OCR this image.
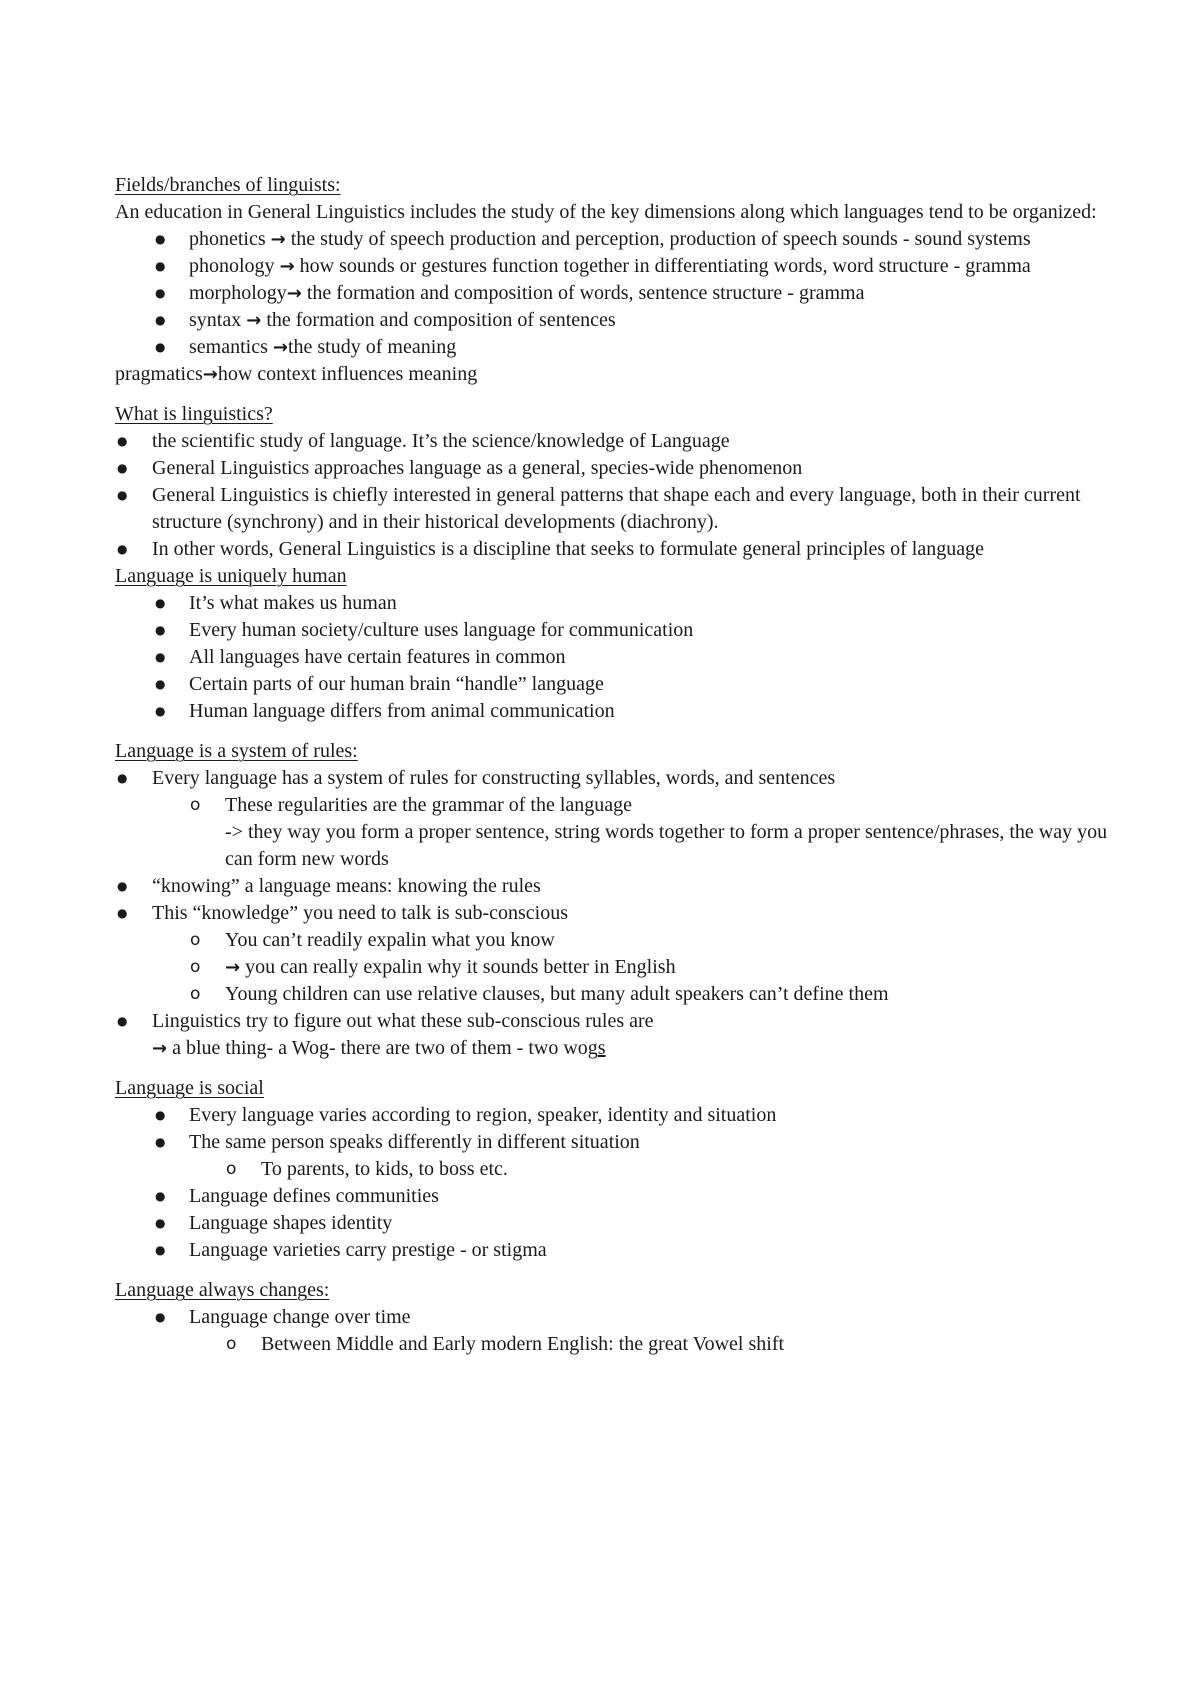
Fields/branches of linguists:

An education in General Linguistics includes the study of the key dimensions along which languages tend to be organized:

●	phonetics → the study of speech production and perception, production of speech sounds - sound systems
●	phonology → how sounds or gestures function together in differentiating words, word structure - gramma
●	morphology→ the formation and composition of words, sentence structure - gramma
●	syntax → the formation and composition of sentences
●	semantics →the study of meaning

pragmatics→how context influences meaning

What is linguistics?

●	the scientific study of language. It’s the science/knowledge of Language
●	General Linguistics approaches language as a general, species-wide phenomenon
●	General Linguistics is chiefly interested in general patterns that shape each and every language, both in their current structure (synchrony) and in their historical developments (diachrony).
●	In other words, General Linguistics is a discipline that seeks to formulate general principles of language

Language is uniquely human

●	It’s what makes us human
●	Every human society/culture uses language for communication
●	All languages have certain features in common
●	Certain parts of our human brain “handle” language
●	Human language differs from animal communication

Language is a system of rules:

●	Every language has a system of rules for constructing syllables, words, and sentences
o	These regularities are the grammar of the language
-> they way you form a proper sentence, string words together to form a proper sentence/phrases, the way you can form new words
●	“knowing” a language means: knowing the rules
●	This “knowledge” you need to talk is sub-conscious
o	You can’t readily expalin what you know
o	→ you can really expalin why it sounds better in English
o	Young children can use relative clauses, but many adult speakers can’t define them
●	Linguistics try to figure out what these sub-conscious rules are
→ a blue thing- a Wog- there are two of them - two wogs

Language is social

●	Every language varies according to region, speaker, identity and situation
●	The same person speaks differently in different situation
o	To parents, to kids, to boss etc.
●	Language defines communities
●	Language shapes identity
●	Language varieties carry prestige - or stigma

Language always changes:

●	Language change over time
o	Between Middle and Early modern English: the great Vowel shift
